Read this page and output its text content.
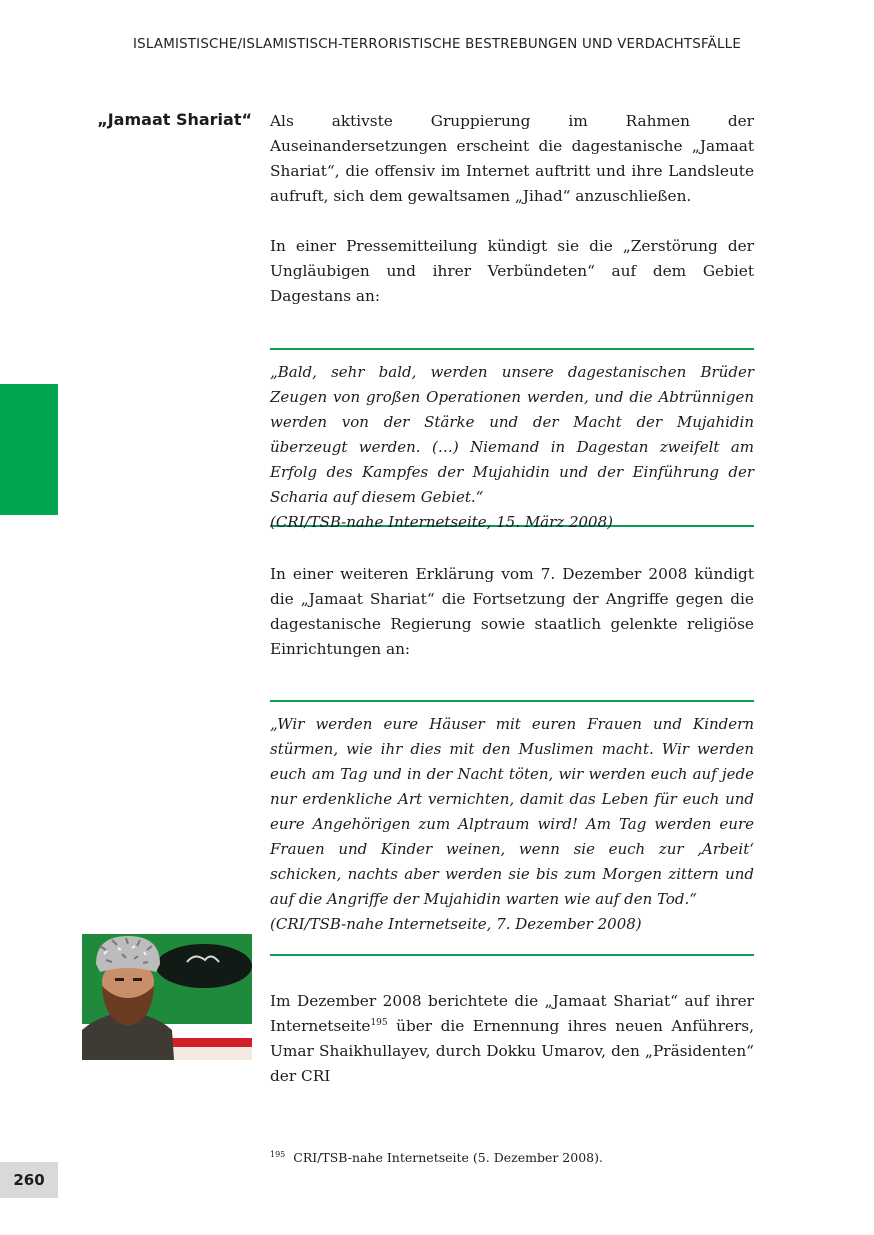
ISLAMISTISCHE/ISLAMISTISCH-TERRORISTISCHE BESTREBUNGEN UND VERDACHTSFÄLLE
„Jamaat Shariat“ Als aktivste Gruppierung im Rahmen der Auseinandersetzungen erscheint die dagestanische „Jamaat Shariat“, die offensiv im Internet auftritt und ihre Landsleute aufruft, sich dem gewaltsamen „Jihad“ anzuschließen.

In einer Pressemitteilung kündigt sie die „Zerstörung der Ungläubigen und ihrer Verbündeten“ auf dem Gebiet Dagestans an:

„Bald, sehr bald, werden unsere dagestanischen Brüder Zeugen von großen Operationen werden, und die Abtrünnigen werden von der Stärke und der Macht der Mujahidin überzeugt werden. (…) Niemand in Dagestan zweifelt am Erfolg des Kampfes der Mujahidin und der Einführung der Scharia auf diesem Gebiet.“
(CRI/TSB-nahe Internetseite, 15. März 2008)

In einer weiteren Erklärung vom 7. Dezember 2008 kündigt die „Jamaat Shariat“ die Fortsetzung der Angriffe gegen die dagestanische Regierung sowie staatlich gelenkte religiöse Einrichtungen an:

„Wir werden eure Häuser mit euren Frauen und Kindern stürmen, wie ihr dies mit den Muslimen macht. Wir werden euch am Tag und in der Nacht töten, wir werden euch auf jede nur erdenkliche Art vernichten, damit das Leben für euch und eure Angehörigen zum Alptraum wird! Am Tag werden eure Frauen und Kinder weinen, wenn sie euch zur ‚Arbeit‘ schicken, nachts aber werden sie bis zum Morgen zittern und auf die Angriffe der Mujahidin warten wie auf den Tod.“
(CRI/TSB-nahe Internetseite, 7. Dezember 2008)

Im Dezember 2008 berichtete die „Jamaat Shariat“ auf ihrer Internetseite$^{195}$ über die Ernennung ihres neuen Anführers, Umar Shaikhullayev, durch Dokku Umarov, den „Präsidenten“ der CRI

$^{195}$ CRI/TSB-nahe Internetseite (5. Dezember 2008).
260
